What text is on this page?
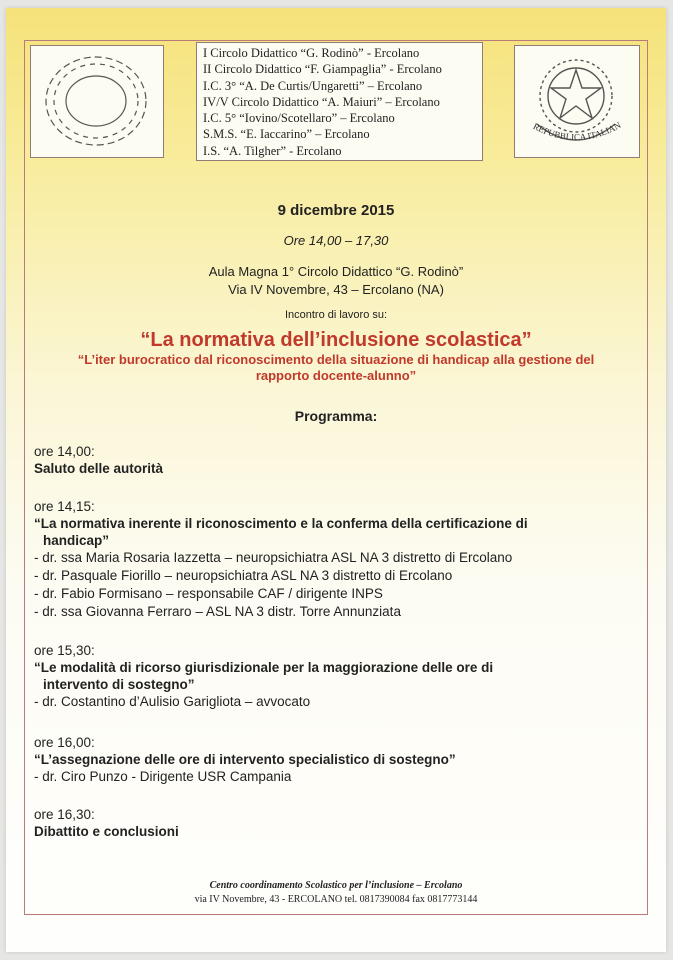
REPUBBLICA ITALIAN
I Circolo Didattico “G. Rodinò” - Ercolano
II Circolo Didattico “F. Giampaglia” - Ercolano
I.C. 3° “A. De Curtis/Ungaretti” – Ercolano
IV/V Circolo Didattico “A. Maiuri” – Ercolano
I.C. 5° “Iovino/Scotellaro” – Ercolano
S.M.S. “E. Iaccarino” – Ercolano
I.S. “A. Tilgher” - Ercolano
9 dicembre 2015
Ore 14,00 – 17,30
Aula Magna 1° Circolo Didattico “G. Rodinò”
Via IV Novembre, 43 – Ercolano (NA)
Incontro di lavoro su:
“La normativa dell’inclusione scolastica”
“L’iter burocratico dal riconoscimento della situazione di handicap alla gestione del rapporto docente-alunno”
Programma:
ore 14,00:
Saluto delle autorità
ore 14,15:
“La normativa inerente il riconoscimento e la conferma della certificazione di
handicap”
- dr. ssa Maria Rosaria Iazzetta – neuropsichiatra ASL NA 3 distretto di Ercolano
- dr. Pasquale Fiorillo – neuropsichiatra ASL NA 3 distretto di Ercolano
- dr. Fabio Formisano – responsabile CAF / dirigente INPS
- dr. ssa Giovanna Ferraro – ASL NA 3 distr. Torre Annunziata
ore 15,30:
“Le modalità di ricorso giurisdizionale per la maggiorazione delle ore di
intervento di sostegno”
- dr. Costantino d’Aulisio Garigliota – avvocato
ore 16,00:
“L’assegnazione delle ore di intervento specialistico di sostegno”
- dr. Ciro Punzo - Dirigente USR Campania
ore 16,30:
Dibattito e conclusioni
Centro coordinamento Scolastico per l’inclusione – Ercolano
via IV Novembre, 43 - ERCOLANO tel. 0817390084 fax 0817773144
